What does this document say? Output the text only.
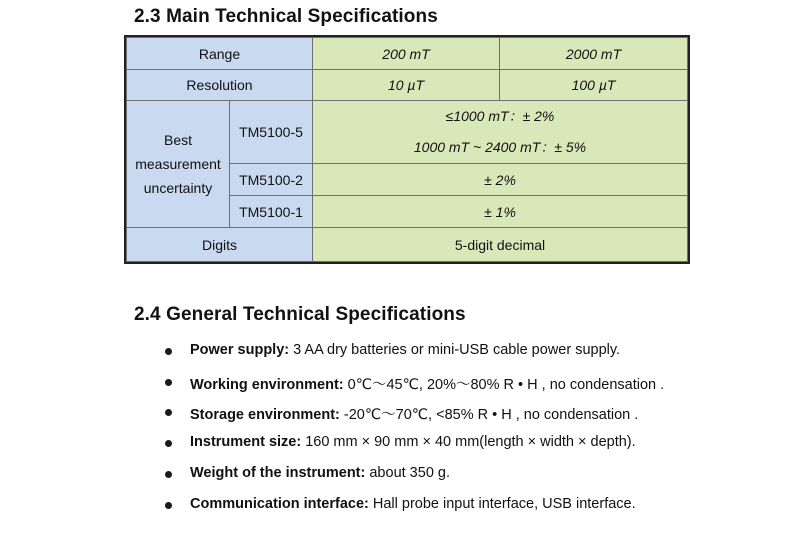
2.3 Main Technical Specifications
Range		200 mT	2000 mT
Resolution		10 µT	100 µT
Best measurement uncertainty	TM5100-5	≤1000 mT：± 2%
1000 mT ~ 2400 mT：± 5%	

	TM5100-2	± 2%	
	TM5100-1	± 1%	
Digits		5-digit decimal	
2.4 General Technical Specifications
Power supply: 3 AA dry batteries or mini-USB cable power supply.
Working environment: 0℃～45℃, 20%～80% R • H , no condensation .
Storage environment: -20℃～70℃, <85% R • H , no condensation .
Instrument size: 160 mm × 90 mm × 40 mm(length × width × depth).
Weight of the instrument: about 350 g.
Communication interface: Hall probe input interface, USB interface.
